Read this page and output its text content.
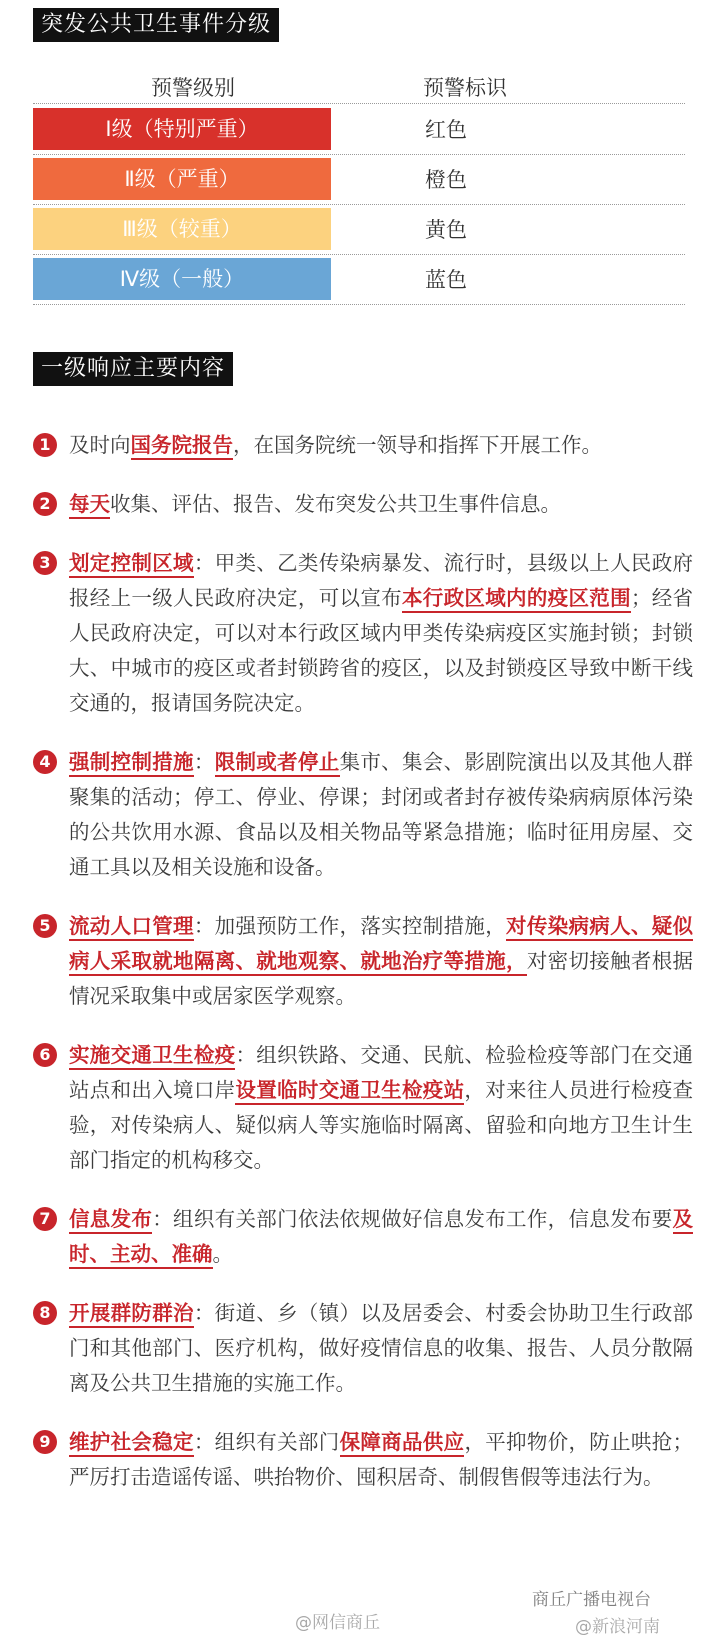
突发公共卫生事件分级
预警级别	预警标识
Ⅰ级（特别严重）	红色
Ⅱ级（严重）	橙色
Ⅲ级（较重）	黄色
Ⅳ级（一般）	蓝色
一级响应主要内容
1 及时向国务院报告，在国务院统一领导和指挥下开展工作。
2 每天收集、评估、报告、发布突发公共卫生事件信息。
3 划定控制区域：甲类、乙类传染病暴发、流行时，县级以上人民政府报经上一级人民政府决定，可以宣布本行政区域内的疫区范围；经省人民政府决定，可以对本行政区域内甲类传染病疫区实施封锁；封锁大、中城市的疫区或者封锁跨省的疫区，以及封锁疫区导致中断干线交通的，报请国务院决定。
4 强制控制措施：限制或者停止集市、集会、影剧院演出以及其他人群聚集的活动；停工、停业、停课；封闭或者封存被传染病病原体污染的公共饮用水源、食品以及相关物品等紧急措施；临时征用房屋、交通工具以及相关设施和设备。
5 流动人口管理：加强预防工作，落实控制措施，对传染病病人、疑似病人采取就地隔离、就地观察、就地治疗等措施，对密切接触者根据情况采取集中或居家医学观察。
6 实施交通卫生检疫：组织铁路、交通、民航、检验检疫等部门在交通站点和出入境口岸设置临时交通卫生检疫站，对来往人员进行检疫查验，对传染病人、疑似病人等实施临时隔离、留验和向地方卫生计生部门指定的机构移交。
7 信息发布：组织有关部门依法依规做好信息发布工作，信息发布要及时、主动、准确。
8 开展群防群治：街道、乡（镇）以及居委会、村委会协助卫生行政部门和其他部门、医疗机构，做好疫情信息的收集、报告、人员分散隔离及公共卫生措施的实施工作。
9 维护社会稳定：组织有关部门保障商品供应，平抑物价，防止哄抢；严厉打击造谣传谣、哄抬物价、囤积居奇、制假售假等违法行为。
@网信商丘
商丘广播电视台
@新浪河南
